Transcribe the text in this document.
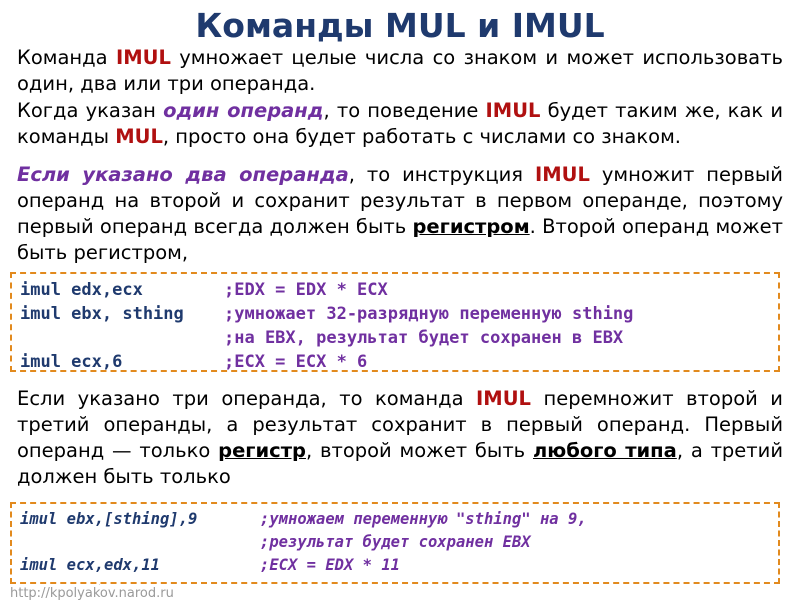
Команды MUL и IMUL
Команда IMUL умножает целые числа со знаком и может использовать один, два или три операнда.
Когда указан один операнд, то поведение IMUL будет таким же, как и команды MUL, просто она будет работать с числами со знаком.
Если указано два операнда, то инструкция IMUL умножит первый операнд на второй и сохранит результат в первом операнде, поэтому первый операнд всегда должен быть регистром. Второй операнд может быть регистром,
imul edx,ecx	;EDX = EDX * ECX
imul ebx, sthing ;умножает 32-разрядную переменную sthing
;на EBX, результат будет сохранен в EBX
imul ecx,6	;ECX = ECX * 6
Если указано три операнда, то команда IMUL перемножит второй и третий операнды, а результат сохранит в первый операнд. Первый операнд — только регистр, второй может быть любого типа, а третий должен быть только
http://kpolyakov.narod.ru
imul ebx,[sthing],9	;умножаем переменную "sthing" на 9,
;результат будет сохранен EBX
imul ecx,edx,11	;ECX = EDX * 11
